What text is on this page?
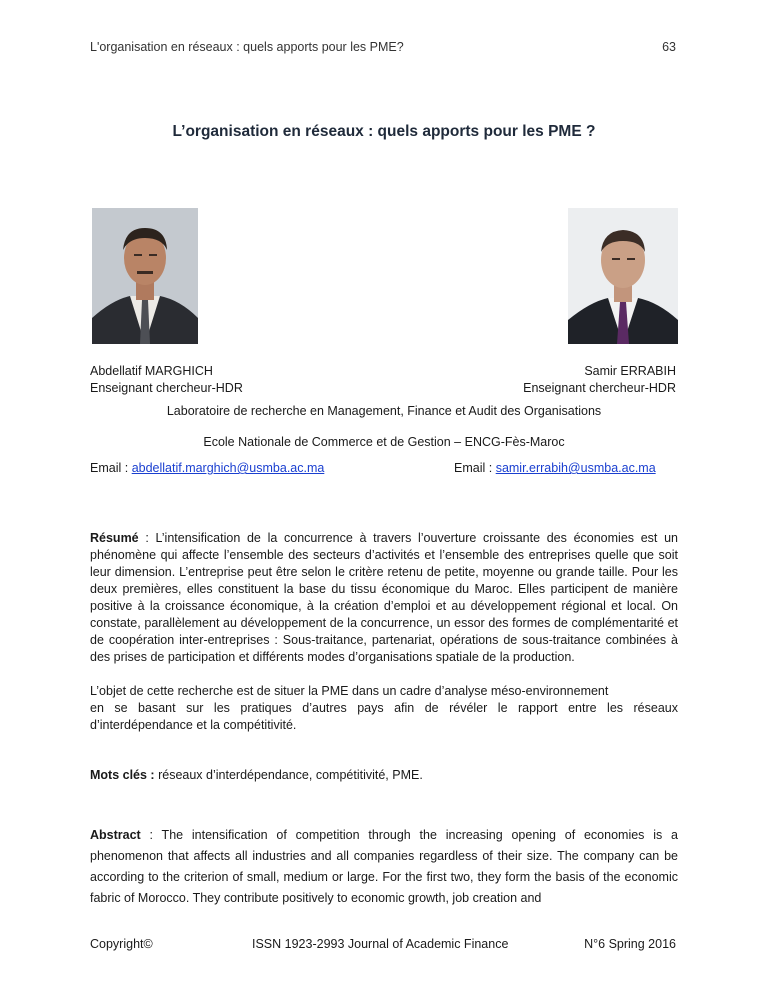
L'organisation en réseaux : quels apports pour les PME?	63
L’organisation en réseaux : quels apports pour les PME ?
Abdellatif MARGHICH
Enseignant chercheur-HDR
Samir ERRABIH
Enseignant chercheur-HDR
Laboratoire de recherche en Management, Finance et Audit des Organisations
Ecole Nationale de Commerce et de Gestion – ENCG-Fès-Maroc
Email : abdellatif.marghich@usmba.ac.ma	Email : samir.errabih@usmba.ac.ma
Résumé : L’intensification de la concurrence à travers l’ouverture croissante des économies est un phénomène qui affecte l’ensemble des secteurs d’activités et l’ensemble des entreprises quelle que soit leur dimension. L’entreprise peut être selon le critère retenu de petite, moyenne ou grande taille. Pour les deux premières, elles constituent la base du tissu économique du Maroc. Elles participent de manière positive à la croissance économique, à la création d’emploi et au développement régional et local. On constate, parallèlement au développement de la concurrence, un essor des formes de complémentarité et de coopération inter-entreprises : Sous-traitance, partenariat, opérations de sous-traitance combinées à des prises de participation et différents modes d’organisations spatiale de la production.
L’objet de cette recherche est de situer la PME dans un cadre d’analyse méso-environnement
en se basant sur les pratiques d’autres pays afin de révéler le rapport entre les réseaux d’interdépendance et la compétitivité.
Mots clés : réseaux d’interdépendance, compétitivité, PME.
Abstract : The intensification of competition through the increasing opening of economies is a phenomenon that affects all industries and all companies regardless of their size. The company can be according to the criterion of small, medium or large. For the first two, they form the basis of the economic fabric of Morocco. They contribute positively to economic growth, job creation and
Copyright©	ISSN 1923-2993 Journal of Academic Finance	N°6 Spring 2016
